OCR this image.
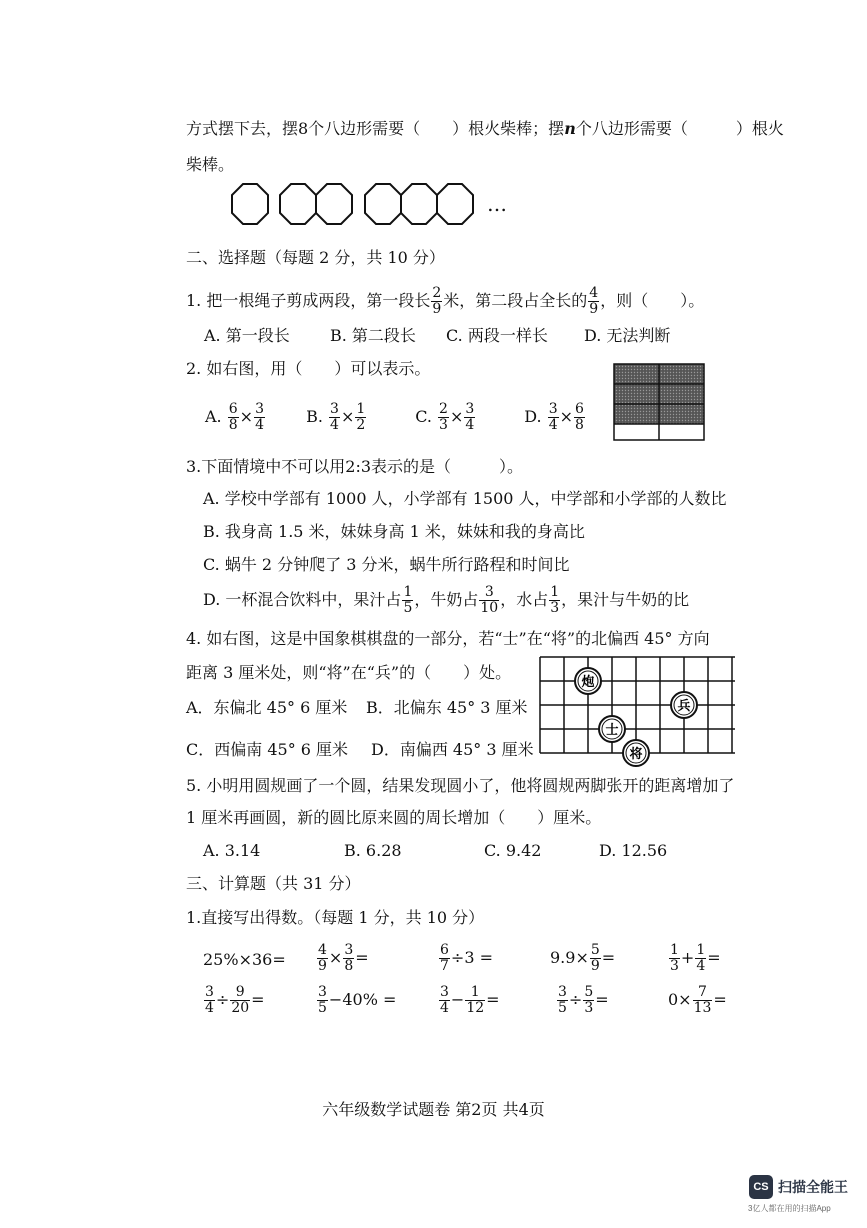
方式摆下去，摆8个八边形需要（　　）根火柴棒；摆n个八边形需要（　　　）根火
柴棒。
…
二、选择题（每题 2 分，共 10 分）
1. 把一根绳子剪成两段，第一段长 $\frac{2}{9}$ 米，第二段占全长的 $\frac{4}{9}$ ，则（　　）。
A. 第一段长	B. 第二段长 C. 两段一样长 D. 无法判断
2. 如右图，用（　　）可以表示。
A. $\frac{6}{8} \times \frac{3}{4}$	B. $\frac{3}{4} \times \frac{1}{2}$	C. $\frac{2}{3} \times \frac{3}{4}$	D. $\frac{3}{4} \times \frac{6}{8}$
3.下面情境中不可以用2:3表示的是（　　　）。
A. 学校中学部有 1000 人，小学部有 1500 人，中学部和小学部的人数比
B. 我身高 1.5 米，妹妹身高 1 米，妹妹和我的身高比
C. 蜗牛 2 分钟爬了 3 分米，蜗牛所行路程和时间比
D. 一杯混合饮料中，果汁占 $\frac{1}{5}$ ，牛奶占 $\frac{3}{10}$ ，水占 $\frac{1}{3}$ ，果汁与牛奶的比
4. 如右图，这是中国象棋棋盘的一部分，若“士”在“将”的北偏西 45° 方向
距离 3 厘米处，则“将”在“兵”的（　　）处。
A．东偏北 45° 6 厘米 B．北偏东 45° 3 厘米
C．西偏南 45° 6 厘米 D．南偏西 45° 3 厘米
炮
兵
士
将
5. 小明用圆规画了一个圆，结果发现圆小了，他将圆规两脚张开的距离增加了
1 厘米再画圆，新的圆比原来圆的周长增加（　　）厘米。
A. 3.14	B. 6.28	C. 9.42	D. 12.56
三、计算题（共 31 分）
1.直接写出得数。（每题 1 分，共 10 分）
$25\%\times 36= \frac{4}{9} \times \frac{3}{8}$ =	$\frac{6}{7} \div 3$ =	$9.9\times \frac{5}{9}$ =	$\frac{1}{3} + \frac{1}{4}$ =
$\frac{3}{4} \div \frac{9}{20}$ =	$\frac{3}{5} -40\%$ =	$\frac{3}{4} - \frac{1}{12}$ =	$\frac{3}{5} \div \frac{5}{3}$ =	$0\times \frac{7}{13}$ =
六年级数学试题卷 第2页 共4页
CS 扫描全能王
3亿人都在用的扫描App
